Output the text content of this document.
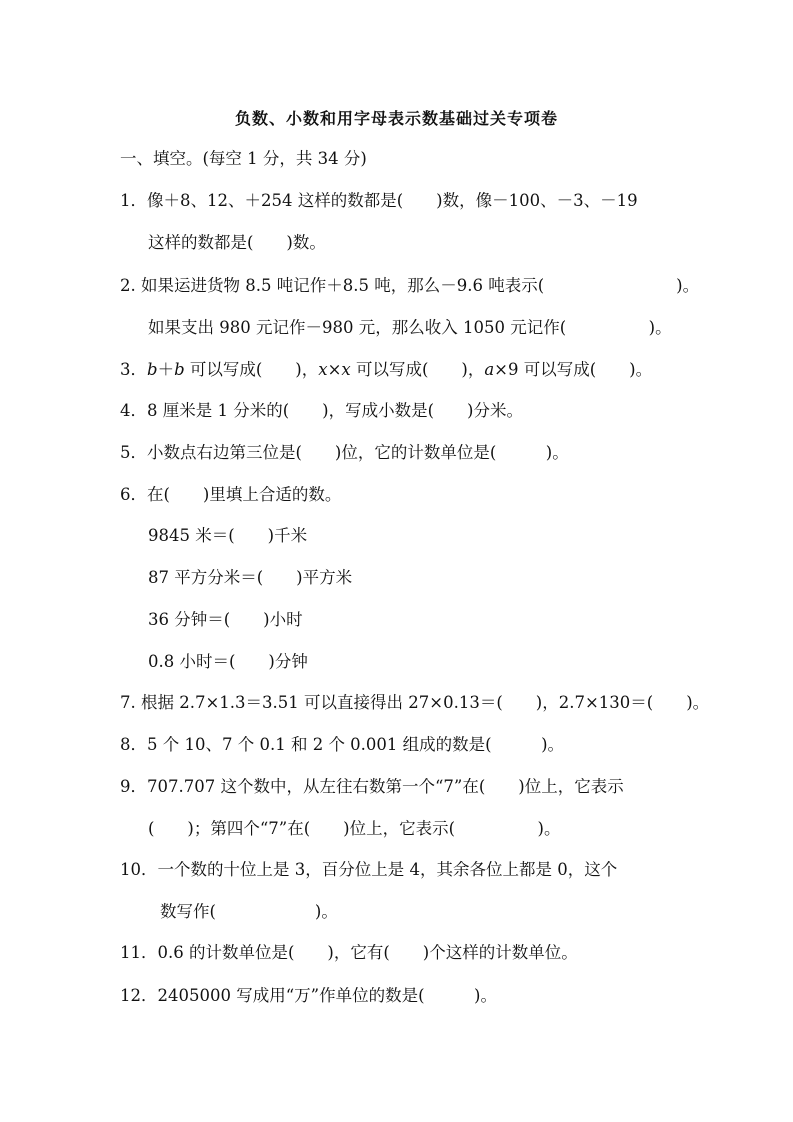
负数、小数和用字母表示数基础过关专项卷
一、填空。(每空 1 分，共 34 分)
1．像＋8、12、＋254 这样的数都是(　　)数，像－100、－3、－19
这样的数都是(　　)数。
2. 如果运进货物 8.5 吨记作＋8.5 吨，那么－9.6 吨表示(　　　　　　　　)。
如果支出 980 元记作－980 元，那么收入 1050 元记作(　　　　　)。
3．b＋b 可以写成(　　)，x×x 可以写成(　　)，a×9 可以写成(　　)。
4．8 厘米是 1 分米的(　　)，写成小数是(　　)分米。
5．小数点右边第三位是(　　)位，它的计数单位是(　　　)。
6．在(　　)里填上合适的数。
9845 米＝(　　)千米
87 平方分米＝(　　)平方米
36 分钟＝(　　)小时
0.8 小时＝(　　)分钟
7. 根据 2.7×1.3＝3.51 可以直接得出 27×0.13＝(　　)，2.7×130＝(　　)。
8．5 个 10、7 个 0.1 和 2 个 0.001 组成的数是(　　　)。
9．707.707 这个数中，从左往右数第一个“7”在(　　)位上，它表示
(　　)；第四个“7”在(　　)位上，它表示(　　　　　)。
10．一个数的十位上是 3，百分位上是 4，其余各位上都是 0，这个
数写作(　　　　　　)。
11．0.6 的计数单位是(　　)，它有(　　)个这样的计数单位。
12．2405000 写成用“万”作单位的数是(　　　)。
